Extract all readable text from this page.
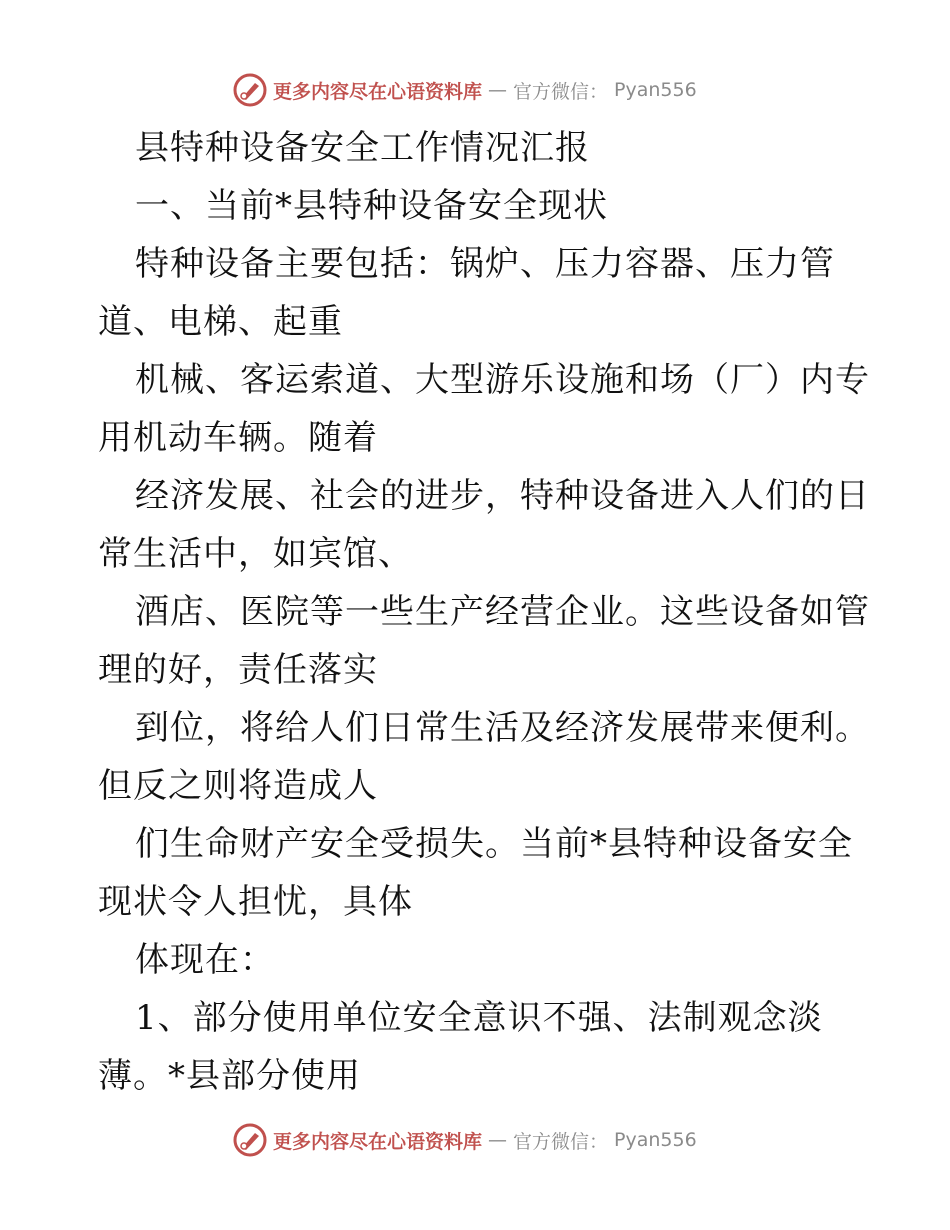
更多内容尽在心语资料库 — 官方微信： Pyan556
县特种设备安全工作情况汇报
一、当前*县特种设备安全现状
特种设备主要包括：锅炉、压力容器、压力管
道、电梯、起重
机械、客运索道、大型游乐设施和场（厂）内专
用机动车辆。随着
经济发展、社会的进步，特种设备进入人们的日
常生活中，如宾馆、
酒店、医院等一些生产经营企业。这些设备如管
理的好，责任落实
到位，将给人们日常生活及经济发展带来便利。
但反之则将造成人
们生命财产安全受损失。当前*县特种设备安全
现状令人担忧，具体
体现在：
1、部分使用单位安全意识不强、法制观念淡
薄。*县部分使用
更多内容尽在心语资料库 — 官方微信： Pyan556
